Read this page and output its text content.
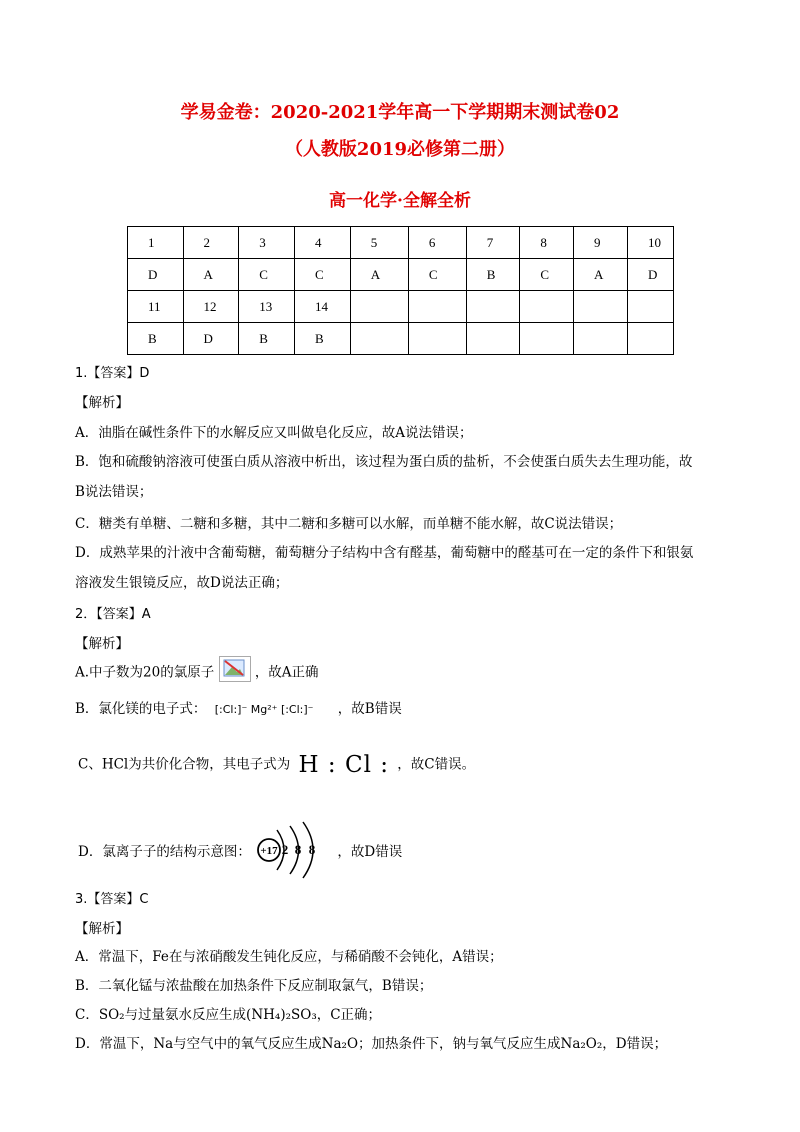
学易金卷：2020-2021学年高一下学期期末测试卷02
（人教版2019必修第二册）
高一化学·全解全析
1	2	3	4	5	6	7	8	9	10
D	A	C	C	A	C	B	C	A	D
11	12	13	14						
B	D	B	B						
1.【答案】D
【解析】
A．油脂在碱性条件下的水解反应又叫做皂化反应，故A说法错误；
B．饱和硫酸钠溶液可使蛋白质从溶液中析出，该过程为蛋白质的盐析，不会使蛋白质失去生理功能，故
B说法错误；
C．糖类有单糖、二糖和多糖，其中二糖和多糖可以水解，而单糖不能水解，故C说法错误；
D．成熟苹果的汁液中含葡萄糖，葡萄糖分子结构中含有醛基，葡萄糖中的醛基可在一定的条件下和银氨
溶液发生银镜反应，故D说法正确；
2．【答案】A
【解析】
A.中子数为20的氯原子	，故A正确
B．氯化镁的电子式： [:Cl:]⁻ Mg²⁺ [:Cl:]⁻ ，故B错误
C、HCl为共价化合物，其电子式为 H : Cl : ，故C错误。
D．氯离子子的结构示意图： +17 2 8 8 ，故D错误
3.【答案】C
【解析】
A．常温下，Fe在与浓硝酸发生钝化反应，与稀硝酸不会钝化，A错误；
B．二氧化锰与浓盐酸在加热条件下反应制取氯气，B错误；
C．SO₂与过量氨水反应生成(NH₄)₂SO₃，C正确；
D．常温下，Na与空气中的氧气反应生成Na₂O；加热条件下，钠与氧气反应生成Na₂O₂，D错误；
